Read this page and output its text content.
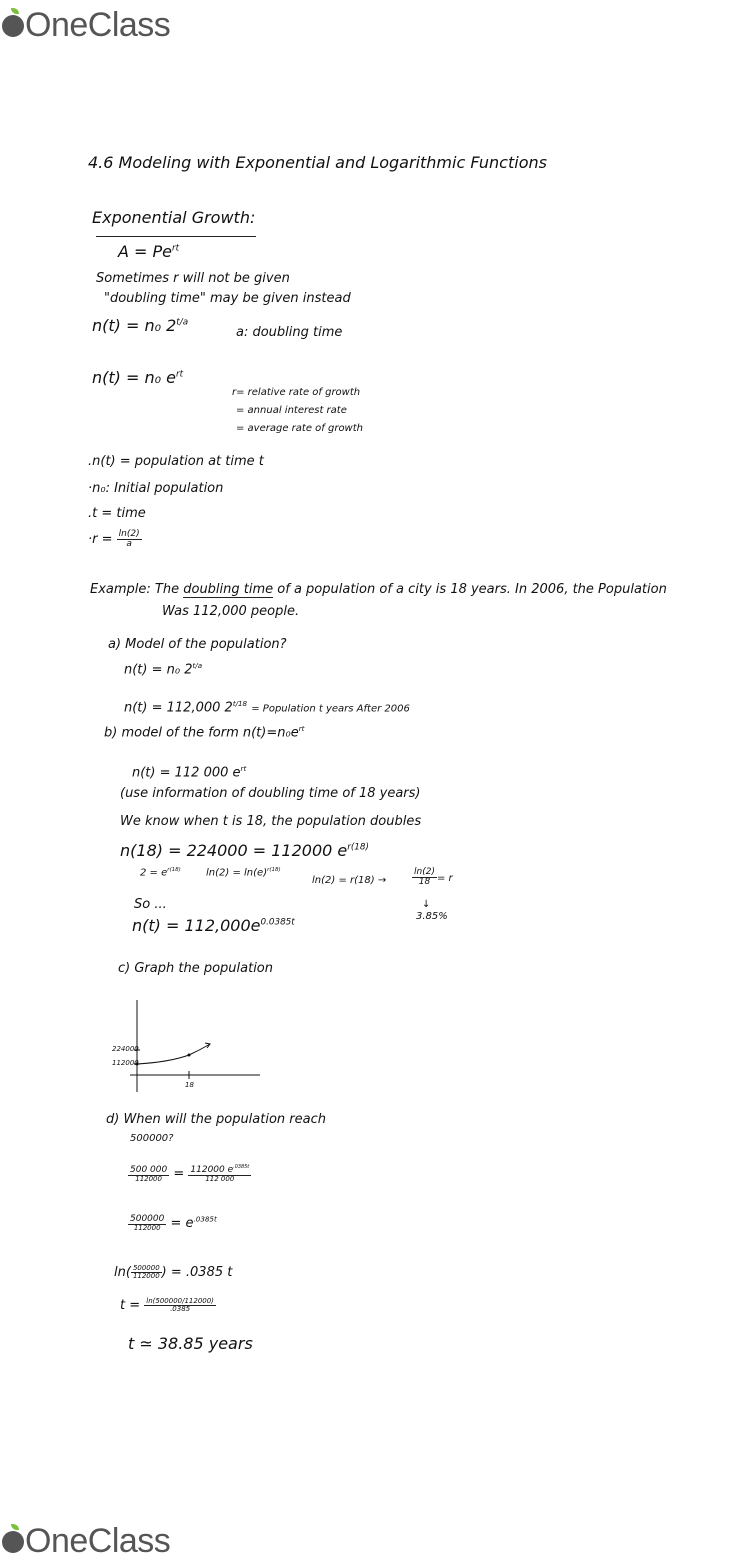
OneClass
4.6 Modeling with Exponential and Logarithmic Functions
Exponential Growth:
$A = Pe^{rt}$
Sometimes r will not be given
"doubling time" may be given instead
n(t) = n₀ $2^{t/a}$
a: doubling time
n(t) = n₀ $e^{rt}$
r= relative rate of growth
= annual interest rate
= average rate of growth
.n(t) = population at time t
·n₀: Initial population
.t = time
$\cdot r = \frac{\ln(2)}{a}$
Example: The doubling time of a population of a city is 18 years. In 2006, the Population
Was 112,000 people.
a) Model of the population?
n(t) = n₀ $2^{t/a}$
n(t) = 112,000 $2^{t/18}$ = Population t years After 2006
b) model of the form $n(t)=n_0e^{rt}$
n(t) = 112 000 $e^{rt}$
(use information of doubling time of 18 years)
We know when t is 18, the population doubles
n(18) = 224000 = 112000 $e^{r(18)}$
$2 = e^{r(18)}$	$\ln(2) = \ln(e)^{r(18)}$
ln(2) = r(18) →	$\frac{\ln(2)}{18} = r$
↓
3.85%
So ...
$n(t) = 112,000e^{0.0385t}$
c) Graph the population
224000
112000
18
d) When will the population reach
500000?
$\frac{500 000}{112000} = \frac{112000 e^{.0385t}}{112 000}$
$\frac{500000}{112000} = e^{.0385t}$
$\ln( \frac{500000}{112000}$ ) = .0385 t
$t = \frac{\ln(500000/112000)}{.0385}$
t ≃ 38.85 years
OneClass
